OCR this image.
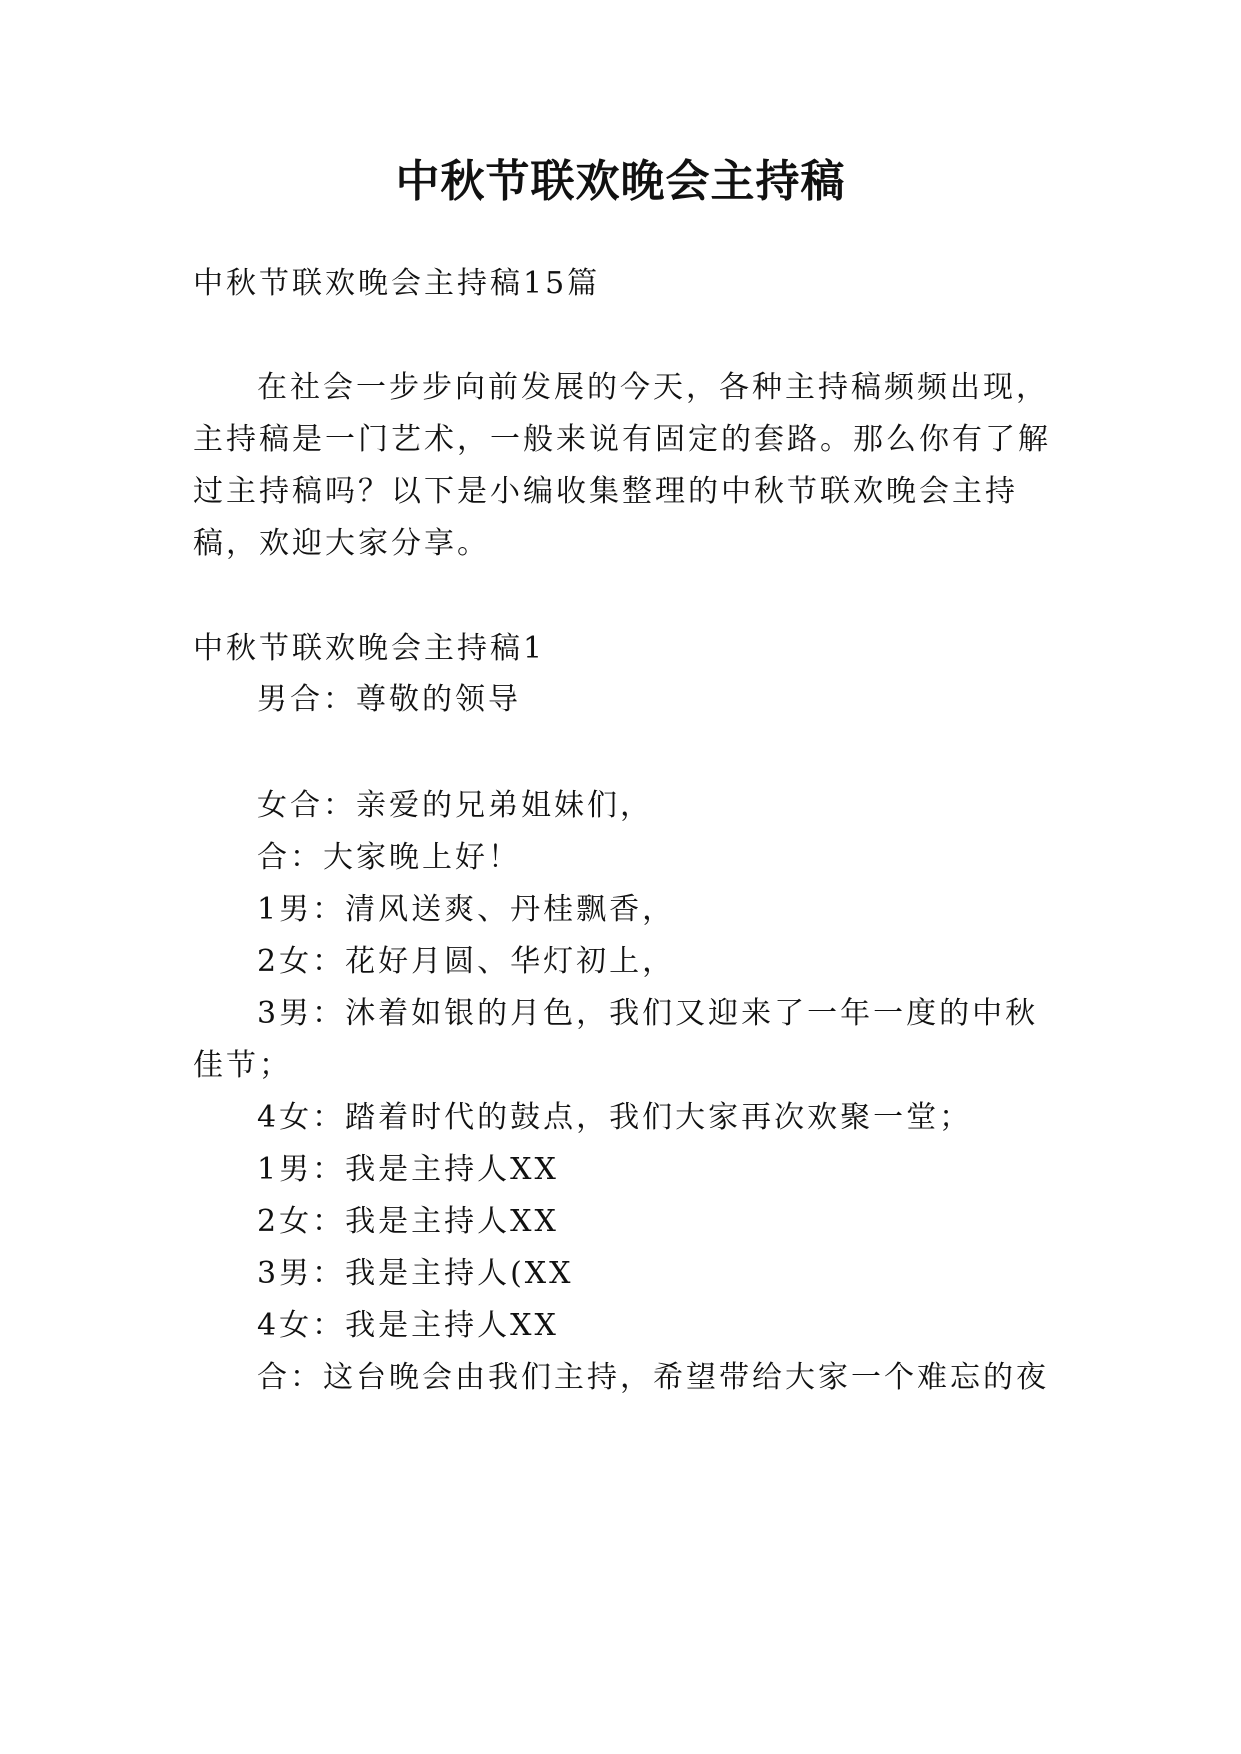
中秋节联欢晚会主持稿
中秋节联欢晚会主持稿15篇
在社会一步步向前发展的今天，各种主持稿频频出现，
主持稿是一门艺术，一般来说有固定的套路。那么你有了解
过主持稿吗？以下是小编收集整理的中秋节联欢晚会主持
稿，欢迎大家分享。
中秋节联欢晚会主持稿1
男合：尊敬的领导
女合：亲爱的兄弟姐妹们，
合：大家晚上好！
1男：清风送爽、丹桂飘香，
2女：花好月圆、华灯初上，
3男：沐着如银的月色，我们又迎来了一年一度的中秋
佳节；
4女：踏着时代的鼓点，我们大家再次欢聚一堂；
1男：我是主持人XX
2女：我是主持人XX
3男：我是主持人(XX
4女：我是主持人XX
合：这台晚会由我们主持，希望带给大家一个难忘的夜
